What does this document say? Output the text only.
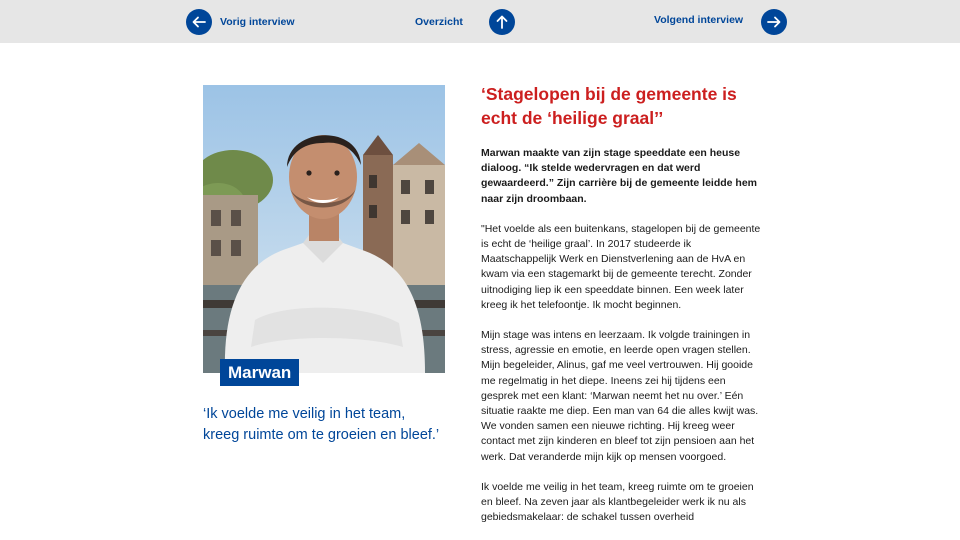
Vorig interview	Overzicht	Volgend interview
Marwan
‘Ik voelde me veilig in het team, kreeg ruimte om te groeien en bleef.’
‘Stagelopen bij de gemeente is echt de ‘heilige graal’’

Marwan maakte van zijn stage speeddate een heuse dialoog. “Ik stelde wedervragen en dat werd gewaardeerd.” Zijn carrière bij de gemeente leidde hem naar zijn droombaan.

"Het voelde als een buitenkans, stagelopen bij de gemeente is echt de ‘heilige graal’. In 2017 studeerde ik Maatschappelijk Werk en Dienstverlening aan de HvA en kwam via een stagemarkt bij de gemeente terecht. Zonder uitnodiging liep ik een speeddate binnen. Een week later kreeg ik het telefoontje. Ik mocht beginnen.

Mijn stage was intens en leerzaam. Ik volgde trainingen in stress, agressie en emotie, en leerde open vragen stellen. Mijn begeleider, Alinus, gaf me veel vertrouwen. Hij gooide me regelmatig in het diepe. Ineens zei hij tijdens een gesprek met een klant: ‘Marwan neemt het nu over.’ Eén situatie raakte me diep. Een man van 64 die alles kwijt was. We vonden samen een nieuwe richting. Hij kreeg weer contact met zijn kinderen en bleef tot zijn pensioen aan het werk. Dat veranderde mijn kijk op mensen voorgoed.

Ik voelde me veilig in het team, kreeg ruimte om te groeien en bleef. Na zeven jaar als klantbegeleider werk ik nu als gebiedsmakelaar: de schakel tussen overheid
